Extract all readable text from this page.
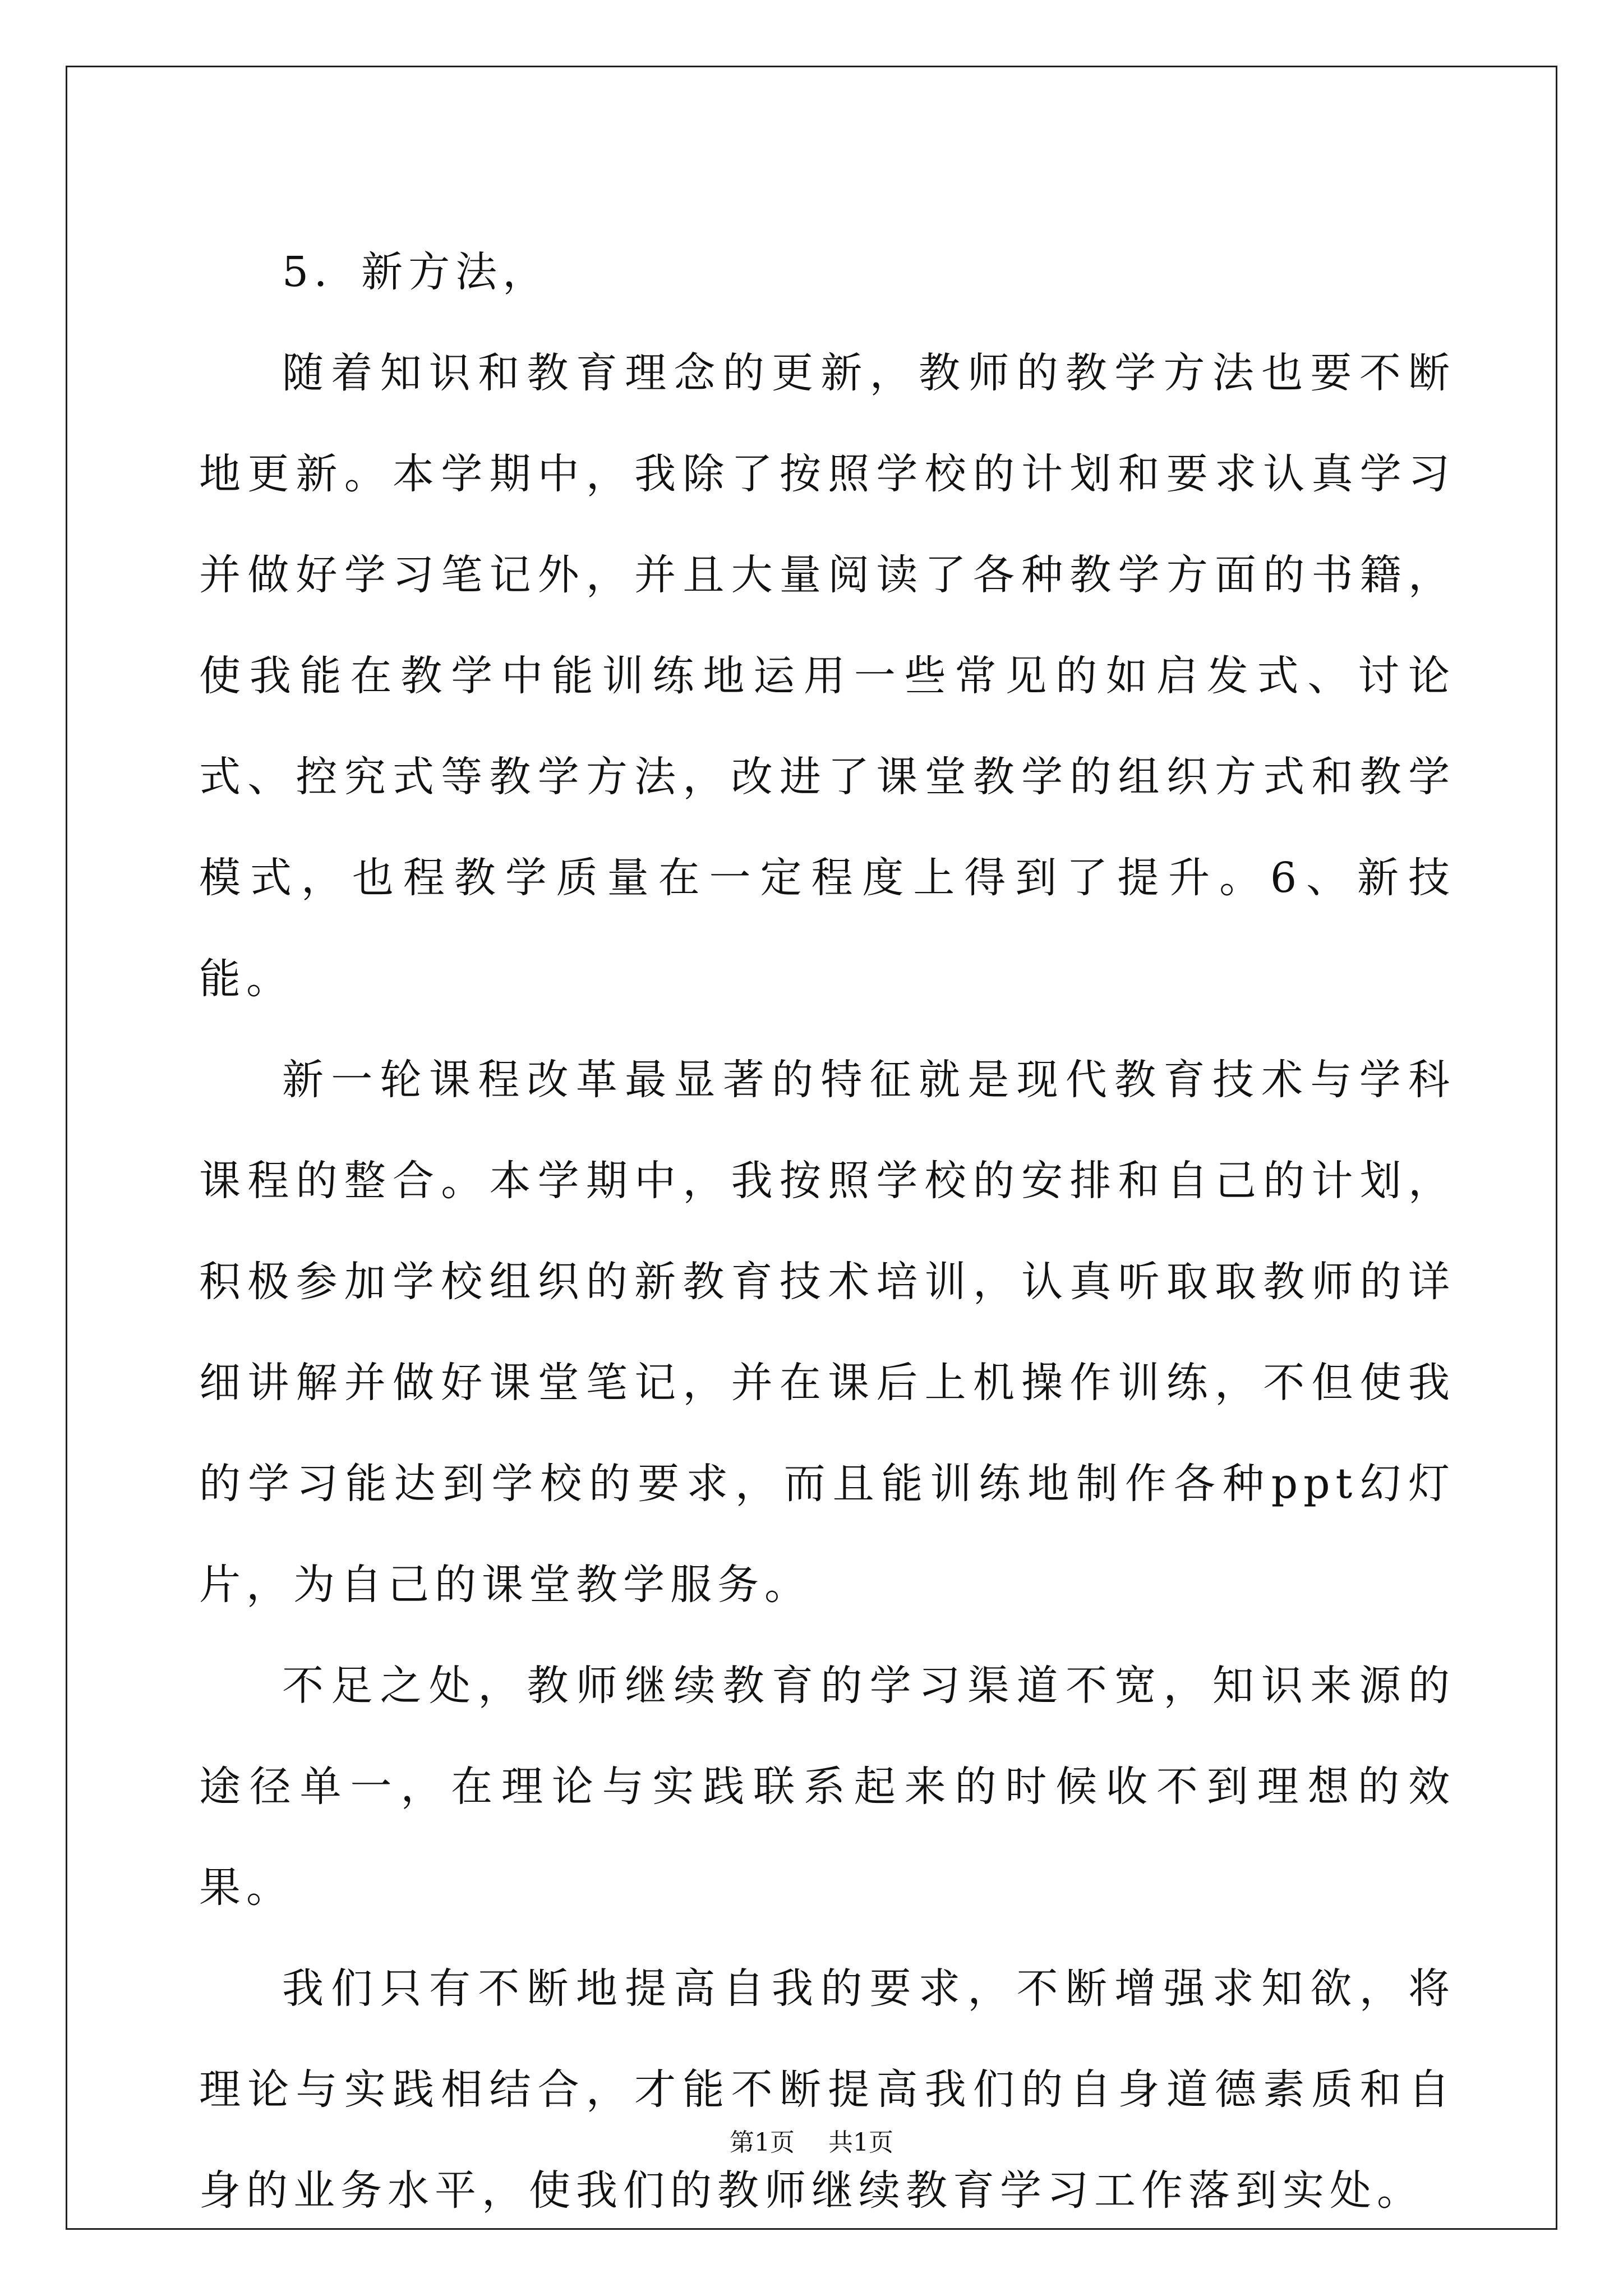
5．新方法，

随着知识和教育理念的更新，教师的教学方法也要不断地更新。本学期中，我除了按照学校的计划和要求认真学习并做好学习笔记外，并且大量阅读了各种教学方面的书籍，使我能在教学中能训练地运用一些常见的如启发式、讨论式、控究式等教学方法，改进了课堂教学的组织方式和教学模式，也程教学质量在一定程度上得到了提升。6、新技能。

新一轮课程改革最显著的特征就是现代教育技术与学科课程的整合。本学期中，我按照学校的安排和自己的计划，积极参加学校组织的新教育技术培训，认真听取取教师的详细讲解并做好课堂笔记，并在课后上机操作训练，不但使我的学习能达到学校的要求，而且能训练地制作各种ppt幻灯片，为自己的课堂教学服务。

不足之处，教师继续教育的学习渠道不宽，知识来源的途径单一，在理论与实践联系起来的时候收不到理想的效果。

我们只有不断地提高自我的要求，不断增强求知欲，将理论与实践相结合，才能不断提高我们的自身道德素质和自身的业务水平，使我们的教师继续教育学习工作落到实处。

第1页 共1页
